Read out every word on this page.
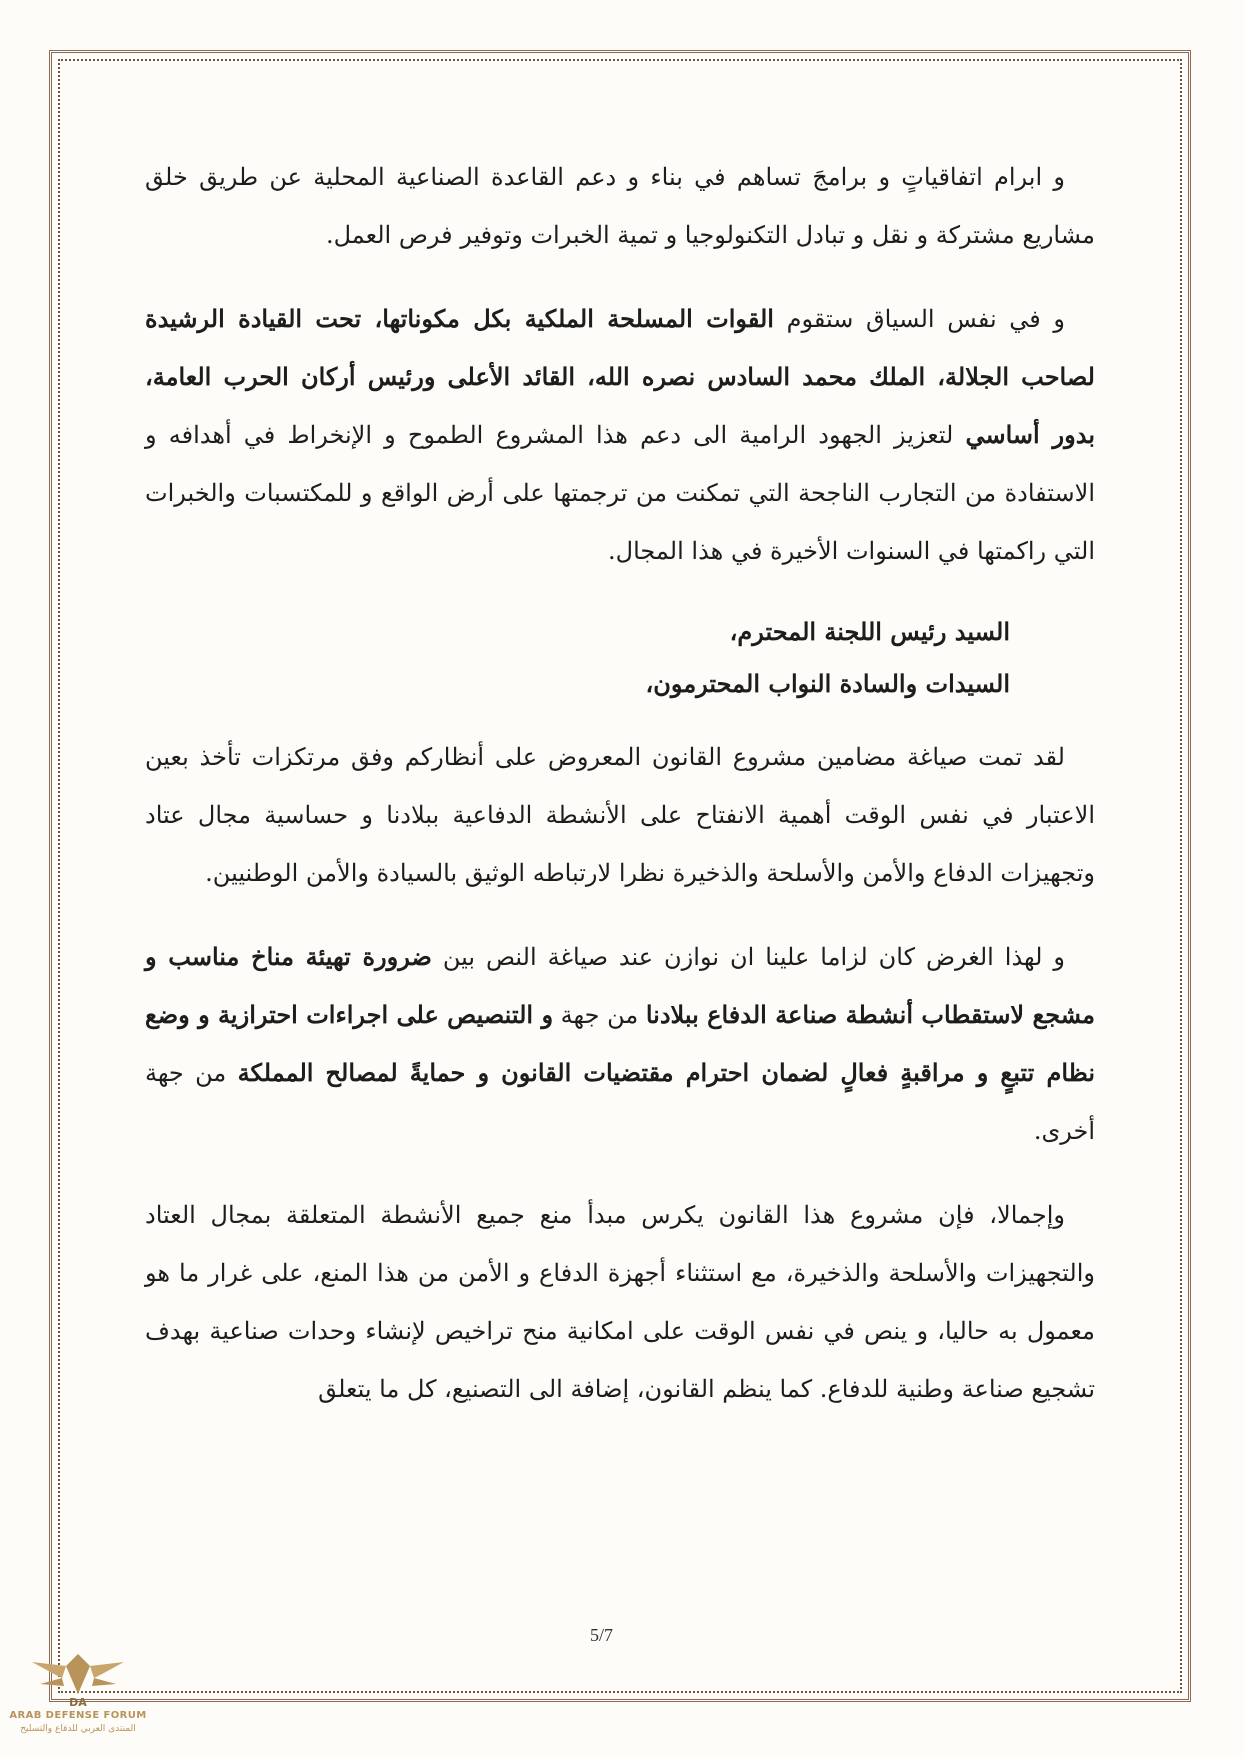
و ابرام اتفاقياتٍ و برامجَ تساهم في بناء و دعم القاعدة الصناعية المحلية عن طريق خلق مشاريع مشتركة و نقل و تبادل التكنولوجيا و تمية الخبرات وتوفير فرص العمل.

و في نفس السياق ستقوم القوات المسلحة الملكية بكل مكوناتها، تحت القيادة الرشيدة لصاحب الجلالة، الملك محمد السادس نصره الله، القائد الأعلى ورئيس أركان الحرب العامة، بدور أساسي لتعزيز الجهود الرامية الى دعم هذا المشروع الطموح و الإنخراط في أهدافه و الاستفادة من التجارب الناجحة التي تمكنت من ترجمتها على أرض الواقع و للمكتسبات والخبرات التي راكمتها في السنوات الأخيرة في هذا المجال.

السيد رئيس اللجنة المحترم،
السيدات والسادة النواب المحترمون،

لقد تمت صياغة مضامين مشروع القانون المعروض على أنظاركم وفق مرتكزات تأخذ بعين الاعتبار في نفس الوقت أهمية الانفتاح على الأنشطة الدفاعية ببلادنا و حساسية مجال عتاد وتجهيزات الدفاع والأمن والأسلحة والذخيرة نظرا لارتباطه الوثيق بالسيادة والأمن الوطنيين.

و لهذا الغرض كان لزاما علينا ان نوازن عند صياغة النص بين ضرورة تهيئة مناخ مناسب و مشجع لاستقطاب أنشطة صناعة الدفاع ببلادنا من جهة و التنصيص على اجراءات احترازية و وضع نظام تتبعٍ و مراقبةٍ فعالٍ لضمان احترام مقتضيات القانون و حمايةً لمصالح المملكة من جهة أخرى.

وإجمالا، فإن مشروع هذا القانون يكرس مبدأ منع جميع الأنشطة المتعلقة بمجال العتاد والتجهيزات والأسلحة والذخيرة، مع استثناء أجهزة الدفاع و الأمن من هذا المنع، على غرار ما هو معمول به حاليا، و ينص في نفس الوقت على امكانية منح تراخيص لإنشاء وحدات صناعية بهدف تشجيع صناعة وطنية للدفاع. كما ينظم القانون، إضافة الى التصنيع، كل ما يتعلق

5/7
DA
ARAB DEFENSE FORUM
المنتدى العربي للدفاع والتسليح
